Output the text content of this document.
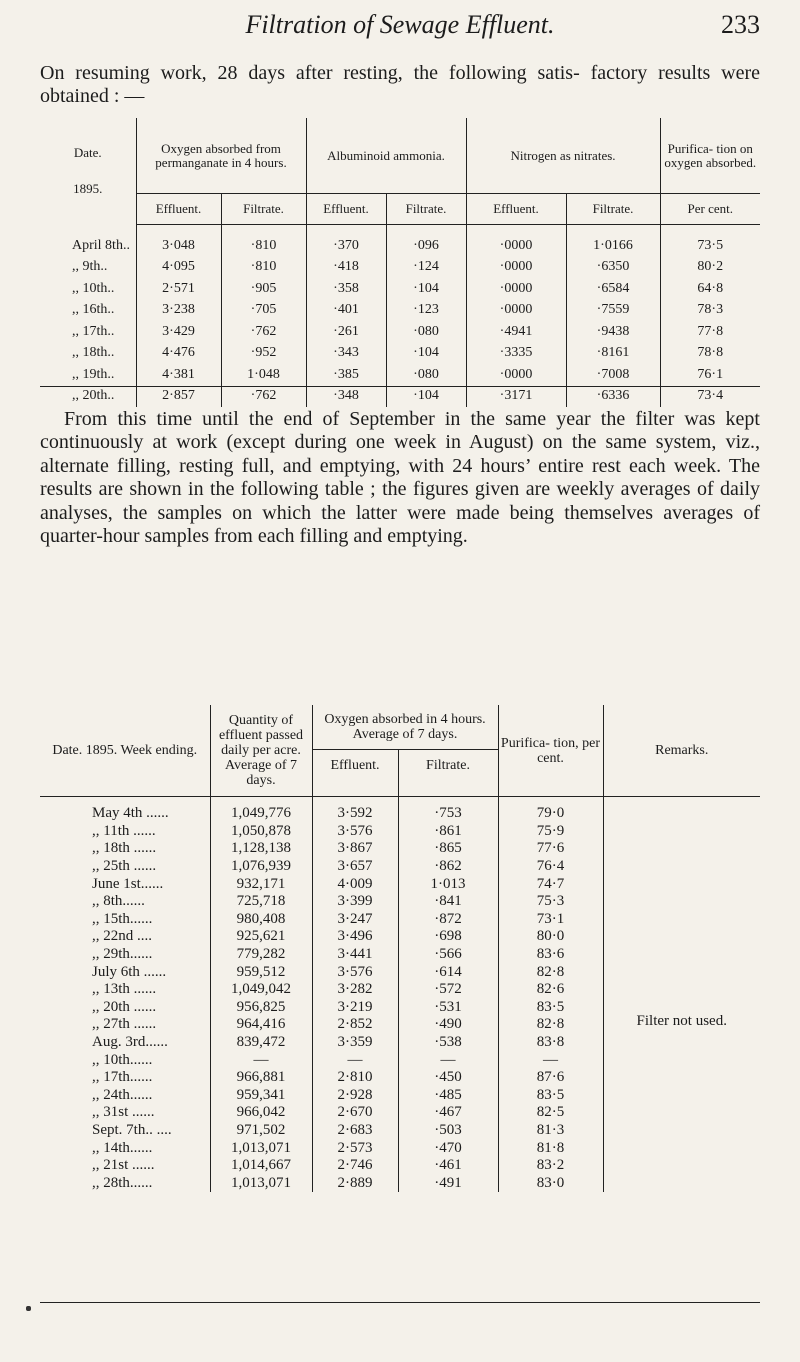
Filtration of Sewage Effluent.	233
On resuming work, 28 days after resting, the following satis- factory results were obtained : —
Date.
1895.	Oxygen absorbed from permanganate in 4 hours.		Albuminoid ammonia.		Nitrogen as nitrates.		Purifica- tion on oxygen absorbed.
	Effluent.	Filtrate.	Effluent.	Filtrate.	Effluent.	Filtrate.	Per cent.
April 8th..	3·048	·810	·370	·096	·0000	1·0166	73·5
,, 9th..	4·095	·810	·418	·124	·0000	·6350	80·2
,, 10th..	2·571	·905	·358	·104	·0000	·6584	64·8
,, 16th..	3·238	·705	·401	·123	·0000	·7559	78·3
,, 17th..	3·429	·762	·261	·080	·4941	·9438	77·8
,, 18th..	4·476	·952	·343	·104	·3335	·8161	78·8
,, 19th..	4·381	1·048	·385	·080	·0000	·7008	76·1
,, 20th..	2·857	·762	·348	·104	·3171	·6336	73·4
From this time until the end of September in the same year the filter was kept continuously at work (except during one week in August) on the same system, viz., alternate filling, resting full, and emptying, with 24 hours’ entire rest each week. The results are shown in the following table ; the figures given are weekly averages of daily analyses, the samples on which the latter were made being themselves averages of quarter-hour samples from each filling and emptying.
Date. 1895. Week ending.	Quantity of effluent passed daily per acre. Average of 7 days.	Oxygen absorbed in 4 hours. Average of 7 days.		Purifica- tion, per cent.	Remarks.
		Effluent.	Filtrate.		

May 4th ......	1,049,776	3·592	·753	79·0	Filter not used.

,, 11th ......	1,050,878	3·576	·861	75·9	
,, 18th ......	1,128,138	3·867	·865	77·6	
,, 25th ......	1,076,939	3·657	·862	76·4	
June 1st......	932,171	4·009	1·013	74·7	
,, 8th......	725,718	3·399	·841	75·3	
,, 15th......	980,408	3·247	·872	73·1	
,, 22nd ....	925,621	3·496	·698	80·0	
,, 29th......	779,282	3·441	·566	83·6	
July 6th ......	959,512	3·576	·614	82·8	
,, 13th ......	1,049,042	3·282	·572	82·6	
,, 20th ......	956,825	3·219	·531	83·5	
,, 27th ......	964,416	2·852	·490	82·8	
Aug. 3rd......	839,472	3·359	·538	83·8	
,, 10th......	—	—	—	—	
,, 17th......	966,881	2·810	·450	87·6	
,, 24th......	959,341	2·928	·485	83·5	
,, 31st ......	966,042	2·670	·467	82·5	
Sept. 7th.. ....	971,502	2·683	·503	81·3	
,, 14th......	1,013,071	2·573	·470	81·8	
,, 21st ......	1,014,667	2·746	·461	83·2	
,, 28th......	1,013,071	2·889	·491	83·0	
